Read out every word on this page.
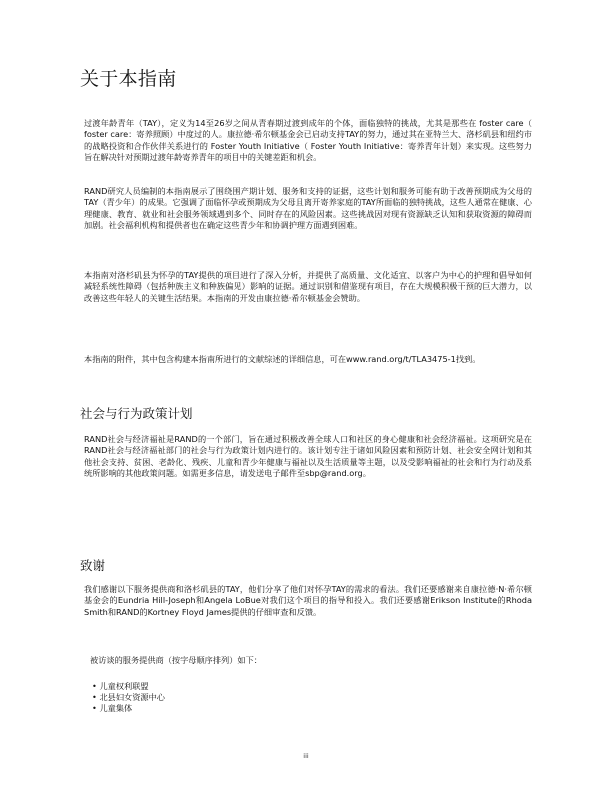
关于本指南

过渡年龄青年（TAY），定义为14至26岁之间从青春期过渡到成年的个体，面临独特的挑战，尤其是那些在 foster care（ foster care：寄养照顾）中度过的人。康拉德·希尔顿基金会已启动支持TAY的努力，通过其在亚特兰大、洛杉矶县和纽约市的战略投资和合作伙伴关系进行的 Foster Youth Initiative（ Foster Youth Initiative：寄养青年计划）来实现。这些努力旨在解决针对预期过渡年龄寄养青年的项目中的关键差距和机会。

RAND研究人员编制的本指南展示了围绕围产期计划、服务和支持的证据，这些计划和服务可能有助于改善预期成为父母的TAY（青少年）的成果。它强调了面临怀孕或预期成为父母且离开寄养家庭的TAY所面临的独特挑战，这些人通常在健康、心理健康、教育、就业和社会服务领域遇到多个、同时存在的风险因素。这些挑战因对现有资源缺乏认知和获取资源的障碍而加剧。社会福利机构和提供者也在确定这些青少年和协调护理方面遇到困难。

本指南对洛杉矶县为怀孕的TAY提供的项目进行了深入分析，并提供了高质量、文化适宜、以客户为中心的护理和倡导如何减轻系统性障碍（包括种族主义和种族偏见）影响的证据。通过识别和借鉴现有项目，存在大规模积极干预的巨大潜力，以改善这些年轻人的关键生活结果。本指南的开发由康拉德·希尔顿基金会赞助。

本指南的附件，其中包含构建本指南所进行的文献综述的详细信息，可在www.rand.org/t/TLA3475-1找到。

社会与行为政策计划

RAND社会与经济福祉是RAND的一个部门，旨在通过积极改善全球人口和社区的身心健康和社会经济福祉。这项研究是在RAND社会与经济福祉部门的社会与行为政策计划内进行的。该计划专注于诸如风险因素和预防计划、社会安全网计划和其他社会支持、贫困、老龄化、残疾、儿童和青少年健康与福祉以及生活质量等主题，以及受影响福祉的社会和行为行动及系统所影响的其他政策问题。如需更多信息，请发送电子邮件至sbp@rand.org。

致谢

我们感谢以下服务提供商和洛杉矶县的TAY，他们分享了他们对怀孕TAY的需求的看法。我们还要感谢来自康拉德·N·希尔顿基金会的Eundria Hill-Joseph和Angela LoBue对我们这个项目的指导和投入。我们还要感谢Erikson Institute的Rhoda Smith和RAND的Kortney Floyd James提供的仔细审查和反馈。

被访谈的服务提供商（按字母顺序排列）如下：

• 儿童权利联盟
• 北县妇女资源中心
• 儿童集体
iii
